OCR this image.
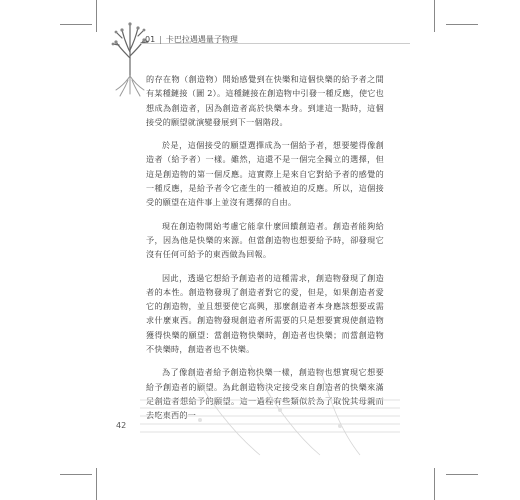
01 | 卡巴拉遇遇量子物理

的存在物（創造物）開始感覺到在快樂和這個快樂的給予者之間有某種鏈接（圖 2）。這種鏈接在創造物中引發一種反應，使它也想成為創造者，因為創造者高於快樂本身。到達這一點時，這個接受的願望就演變發展到下一個階段。

於是，這個接受的願望選擇成為一個給予者，想要變得像創造者（給予者）一樣。雖然，這還不是一個完全獨立的選擇，但這是創造物的第一個反應。這實際上是來自它對給予者的感覺的一種反應，是給予者令它產生的一種被迫的反應。所以，這個接受的願望在這件事上並沒有選擇的自由。

現在創造物開始考慮它能拿什麼回饋創造者。創造者能夠給予，因為他是快樂的來源。但當創造物也想要給予時，卻發現它沒有任何可給予的東西做為回報。

因此，透過它想給予創造者的這種需求，創造物發現了創造者的本性。創造物發現了創造者對它的愛，但是，如果創造者愛它的創造物，並且想要使它高興，那麼創造者本身應該想要或需求什麼東西。創造物發現創造者所需要的只是想要實現使創造物獲得快樂的願望：當創造物快樂時，創造者也快樂；而當創造物不快樂時，創造者也不快樂。

為了像創造者給予創造物快樂一樣，創造物也想實現它想要給予創造者的願望。為此創造物決定接受來自創造者的快樂來滿足創造者想給予的願望。這一過程有些類似於為了取悅其母親而去吃東西的一

42
